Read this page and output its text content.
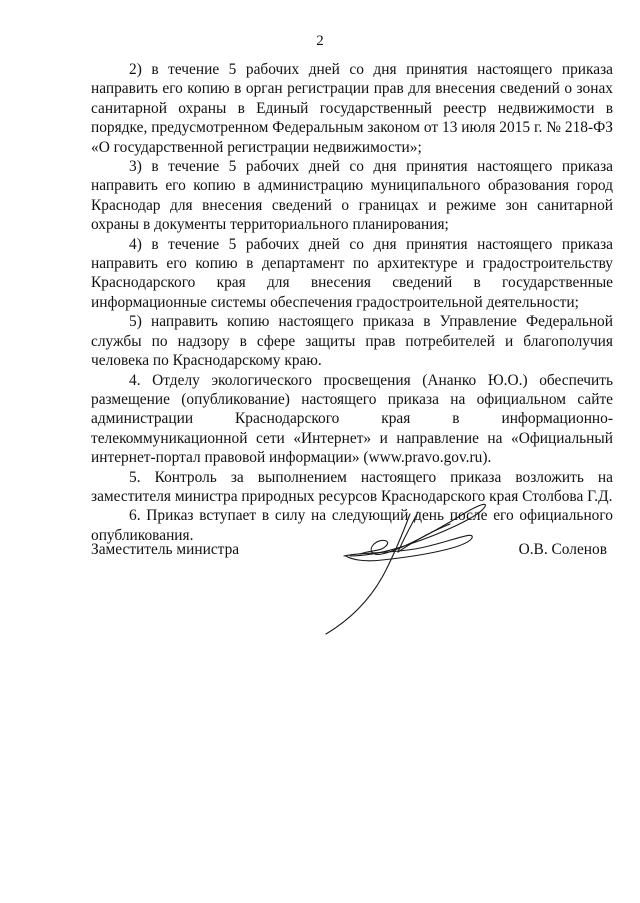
2

2) в течение 5 рабочих дней со дня принятия настоящего приказа направить его копию в орган регистрации прав для внесения сведений о зонах санитарной охраны в Единый государственный реестр недвижимости в порядке, предусмотренном Федеральным законом от 13 июля 2015 г. № 218-ФЗ «О государственной регистрации недвижимости»;

3) в течение 5 рабочих дней со дня принятия настоящего приказа направить его копию в администрацию муниципального образования город Краснодар для внесения сведений о границах и режиме зон санитарной охраны в документы территориального планирования;

4) в течение 5 рабочих дней со дня принятия настоящего приказа направить его копию в департамент по архитектуре и градостроительству Краснодарского края для внесения сведений в государственные информационные системы обеспечения градостроительной деятельности;

5) направить копию настоящего приказа в Управление Федеральной службы по надзору в сфере защиты прав потребителей и благополучия человека по Краснодарскому краю.

4. Отделу экологического просвещения (Ананко Ю.О.) обеспечить размещение (опубликование) настоящего приказа на официальном сайте администрации Краснодарского края в информационно-телекоммуникационной сети «Интернет» и направление на «Официальный интернет-портал правовой информации» (www.pravo.gov.ru).

5. Контроль за выполнением настоящего приказа возложить на заместителя министра природных ресурсов Краснодарского края Столбова Г.Д.

6. Приказ вступает в силу на следующий день после его официального опубликования.

Заместитель министра	О.В. Соленов
